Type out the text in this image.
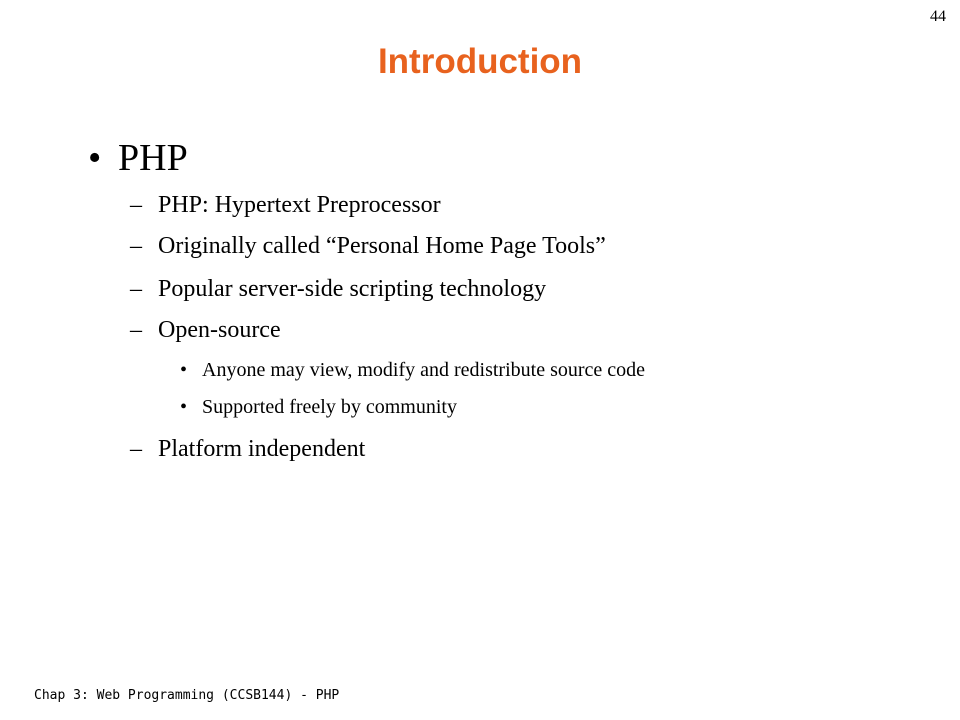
44
Introduction
• PHP
– PHP: Hypertext Preprocessor
– Originally called “Personal Home Page Tools”
– Popular server-side scripting technology
– Open-source
• Anyone may view, modify and redistribute source code
• Supported freely by community
– Platform independent
Chap 3: Web Programming (CCSB144) - PHP
